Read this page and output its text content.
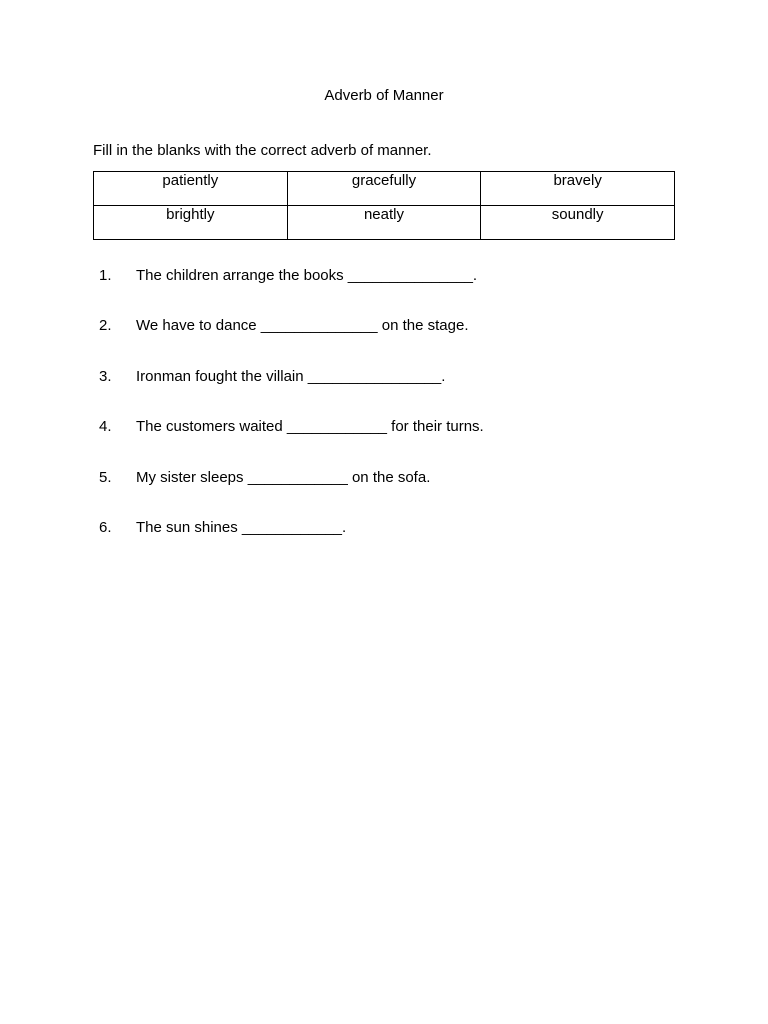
Adverb of Manner
Fill in the blanks with the correct adverb of manner.
patiently	gracefully	bravely
brightly	neatly	soundly
1. The children arrange the books _______________.
2. We have to dance ______________ on the stage.
3. Ironman fought the villain ________________.
4. The customers waited ____________ for their turns.
5. My sister sleeps ____________ on the sofa.
6. The sun shines ____________.
